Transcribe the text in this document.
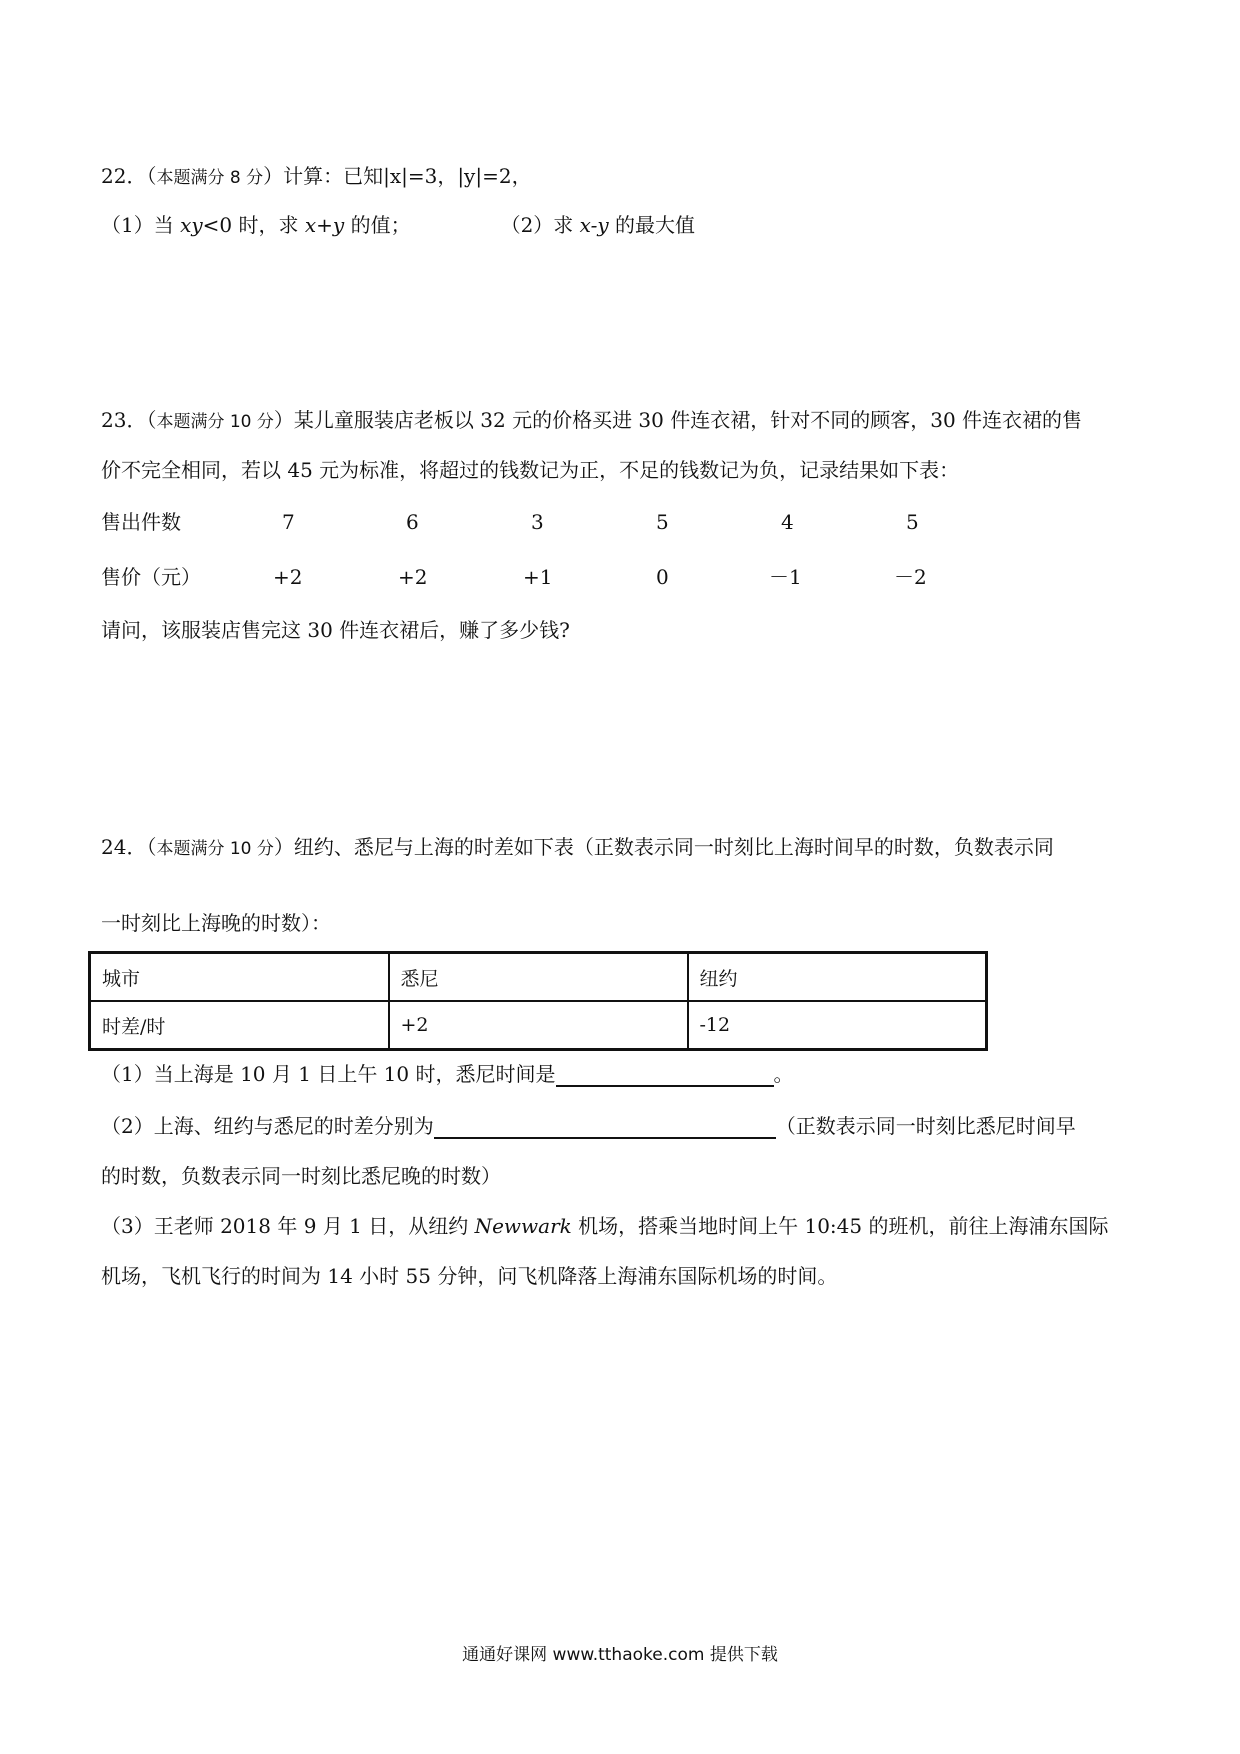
22．（本题满分 8 分）计算：已知|x|=3，|y|=2，
（1）当 xy<0 时，求 x+y 的值；	（2）求 x-y 的最大值
23．（本题满分 10 分）某儿童服装店老板以 32 元的价格买进 30 件连衣裙，针对不同的顾客，30 件连衣裙的售
价不完全相同，若以 45 元为标准，将超过的钱数记为正，不足的钱数记为负，记录结果如下表：
售出件数	7	6	3	5	4	5
售价（元）	+2	+2	+1	0	－1	－2
请问，该服装店售完这 30 件连衣裙后，赚了多少钱?
24．（本题满分 10 分）纽约、悉尼与上海的时差如下表（正数表示同一时刻比上海时间早的时数，负数表示同
一时刻比上海晚的时数）：
城市	悉尼	纽约
时差/时	+2	-12
（1）当上海是 10 月 1 日上午 10 时，悉尼时间是	。
（2）上海、纽约与悉尼的时差分别为	（正数表示同一时刻比悉尼时间早
的时数，负数表示同一时刻比悉尼晚的时数）
（3）王老师 2018 年 9 月 1 日，从纽约 Newwark 机场，搭乘当地时间上午 10:45 的班机，前往上海浦东国际
机场，飞机飞行的时间为 14 小时 55 分钟，问飞机降落上海浦东国际机场的时间。
通通好课网 www.tthaoke.com 提供下载
